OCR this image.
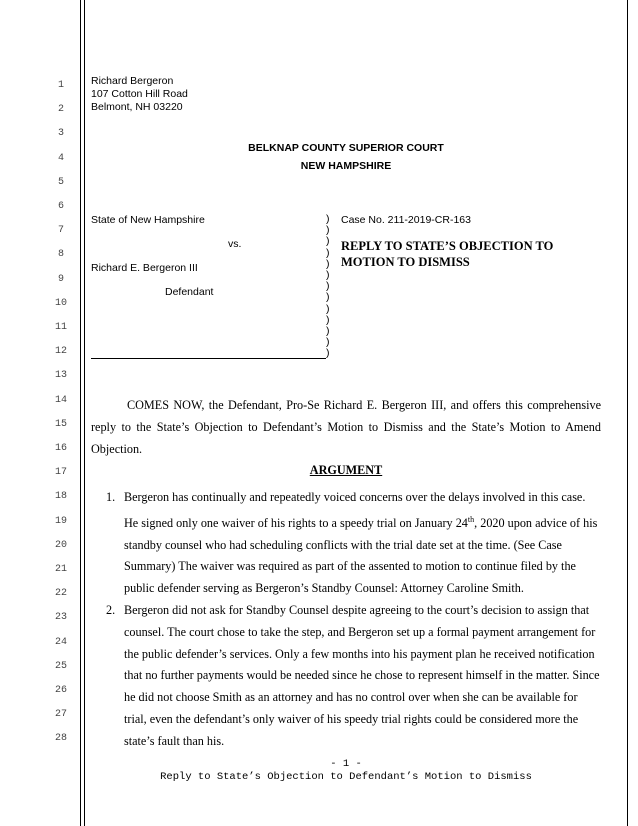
1
2
3
4
5
6
7
8
9
10
11
12
13
14
15
16
17
18
19
20
21
22
23
24
25
26
27
28
Richard Bergeron
107 Cotton Hill Road
Belmont, NH 03220
BELKNAP COUNTY SUPERIOR COURT
NEW HAMPSHIRE
State of New Hampshire
vs.
Richard E. Bergeron III
Defendant
)
)
)
)
)
)
)
)
)
)
)
)
)
Case No. 211-2019-CR-163
REPLY TO STATE’S OBJECTION TO
MOTION TO DISMISS
COMES NOW, the Defendant, Pro-Se Richard E. Bergeron III, and offers this comprehensive reply to the State’s Objection to Defendant’s Motion to Dismiss and the State’s Motion to Amend Objection.
ARGUMENT
1. Bergeron has continually and repeatedly voiced concerns over the delays involved in this case. He signed only one waiver of his rights to a speedy trial on January 24th, 2020 upon advice of his standby counsel who had scheduling conflicts with the trial date set at the time. (See Case Summary) The waiver was required as part of the assented to motion to continue filed by the public defender serving as Bergeron’s Standby Counsel: Attorney Caroline Smith.
2. Bergeron did not ask for Standby Counsel despite agreeing to the court’s decision to assign that counsel. The court chose to take the step, and Bergeron set up a formal payment arrangement for the public defender’s services. Only a few months into his payment plan he received notification that no further payments would be needed since he chose to represent himself in the matter. Since he did not choose Smith as an attorney and has no control over when she can be available for trial, even the defendant’s only waiver of his speedy trial rights could be considered more the state’s fault than his.
- 1 -
Reply to State’s Objection to Defendant’s Motion to Dismiss
